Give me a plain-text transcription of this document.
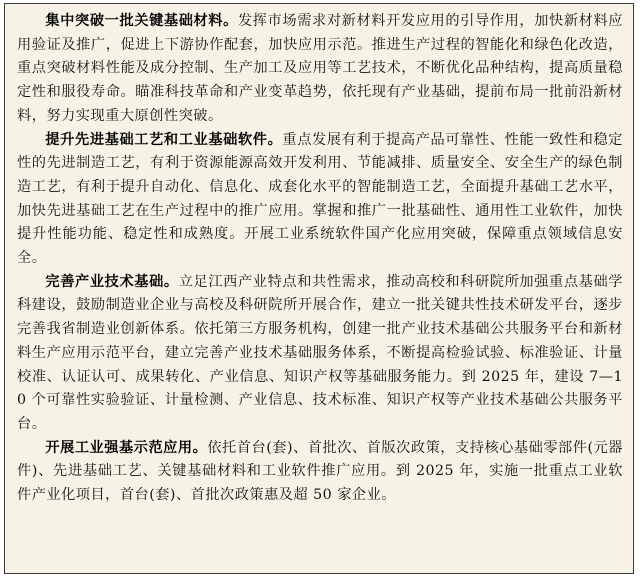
集中突破一批关键基础材料。发挥市场需求对新材料开发应用的引导作用，加快新材料应用验证及推广，促进上下游协作配套，加快应用示范。推进生产过程的智能化和绿色化改造，重点突破材料性能及成分控制、生产加工及应用等工艺技术，不断优化品种结构，提高质量稳定性和服役寿命。瞄准科技革命和产业变革趋势，依托现有产业基础，提前布局一批前沿新材料，努力实现重大原创性突破。

提升先进基础工艺和工业基础软件。重点发展有利于提高产品可靠性、性能一致性和稳定性的先进制造工艺，有利于资源能源高效开发利用、节能减排、质量安全、安全生产的绿色制造工艺，有利于提升自动化、信息化、成套化水平的智能制造工艺，全面提升基础工艺水平，加快先进基础工艺在生产过程中的推广应用。掌握和推广一批基础性、通用性工业软件，加快提升性能功能、稳定性和成熟度。开展工业系统软件国产化应用突破，保障重点领域信息安全。

完善产业技术基础。立足江西产业特点和共性需求，推动高校和科研院所加强重点基础学科建设，鼓励制造业企业与高校及科研院所开展合作，建立一批关键共性技术研发平台，逐步完善我省制造业创新体系。依托第三方服务机构，创建一批产业技术基础公共服务平台和新材料生产应用示范平台，建立完善产业技术基础服务体系，不断提高检验试验、标准验证、计量校准、认证认可、成果转化、产业信息、知识产权等基础服务能力。到 2025 年，建设 7—10 个可靠性实验验证、计量检测、产业信息、技术标准、知识产权等产业技术基础公共服务平台。

开展工业强基示范应用。依托首台(套)、首批次、首版次政策，支持核心基础零部件(元器件)、先进基础工艺、关键基础材料和工业软件推广应用。到 2025 年，实施一批重点工业软件产业化项目，首台(套)、首批次政策惠及超 50 家企业。
